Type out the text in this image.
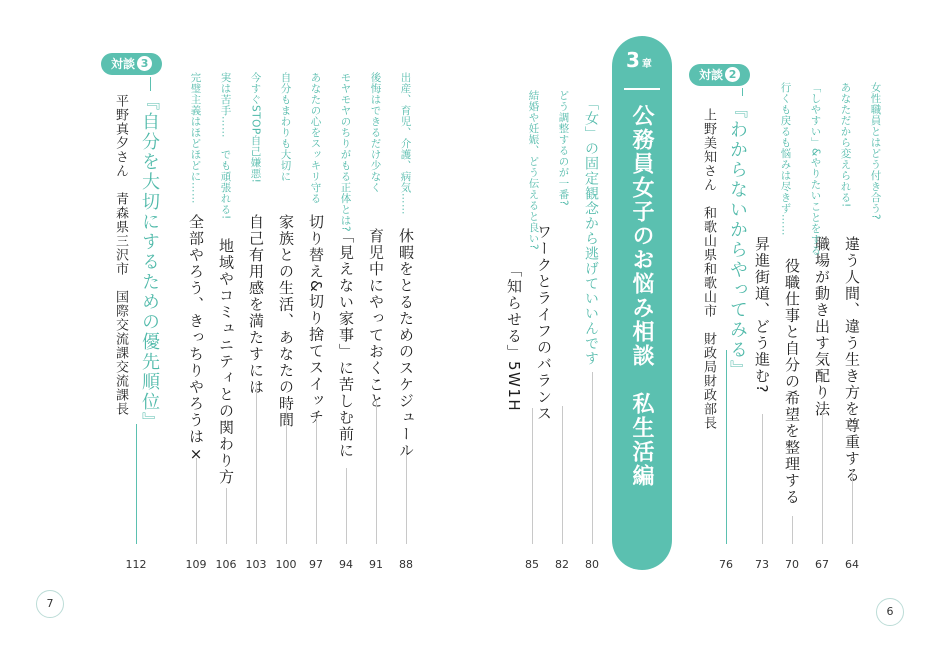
女性職員とはどう付き合う?
違う人間、違う生き方を尊重する
64
あなただから変えられる!
職場が動き出す気配り法
67
「しやすい」&やりたいことをする
役職仕事と自分の希望を整理する
70
行くも戻るも悩みは尽きず……
昇進街道、どう進む?
73
対談 2
『わからないからやってみる』
上野美知さん　和歌山県和歌山市　財政局財政部長
76
6
3 章
公務員女子のお悩み相談　私生活編
「女」の固定観念から逃げていいんです
80
どう調整するのが一番?
ワークとライフのバランス
82
結婚や妊娠、どう伝えると良い?
「知らせる」5W1H
85
出産、育児、介護、病気……
休暇をとるためのスケジュール
88
後悔はできるだけ少なく
育児中にやっておくこと
91
モヤモヤのちりがもる正体とは?
「見えない家事」に苦しむ前に
94
あなたの心をスッキリ守る
切り替え&切り捨てスイッチ
97
自分もまわりも大切に
家族との生活、あなたの時間
100
今すぐSTOP自己嫌悪!
自己有用感を満たすには
103
実は苦手……　でも頑張れる!
地域やコミュニティとの関わり方
106
完璧主義はほどほどに……
全部やろう、きっちりやろうは×
109
対談 3
『自分を大切にするための優先順位』
平野真夕さん　青森県三沢市　国際交流課交流課長
112
7
